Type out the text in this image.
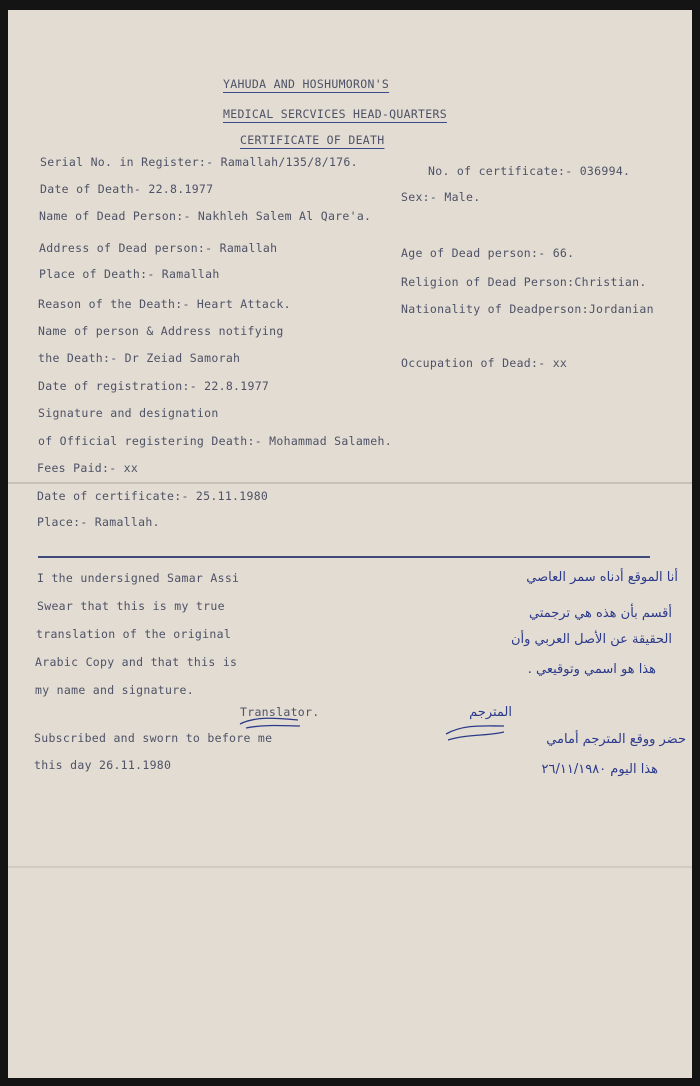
YAHUDA AND HOSHUMORON'S
MEDICAL SERCVICES HEAD-QUARTERS
CERTIFICATE OF DEATH
Serial No. in Register:- Ramallah/135/8/176.
No. of certificate:- 036994.
Date of Death- 22.8.1977
Sex:- Male.
Name of Dead Person:- Nakhleh Salem Al Qare'a.
Address of Dead person:- Ramallah	Age of Dead person:- 66.
Place of Death:- Ramallah
Religion of Dead Person:Christian.
Reason of the Death:- Heart Attack.	Nationality of Deadperson:Jordanian
Name of person & Address notifying
the Death:- Dr Zeiad Samorah	Occupation of Dead:- xx
Date of registration:- 22.8.1977
Signature and designation
of Official registering Death:- Mohammad Salameh.
Fees Paid:- xx
Date of certificate:- 25.11.1980
Place:- Ramallah.
I the undersigned Samar Assi
Swear that this is my true
translation of the original
Arabic Copy and that this is
my name and signature.
Translator.
Subscribed and sworn to before me
this day 26.11.1980
أنا الموقع أدناه سمر العاصي
أقسم بأن هذه هي ترجمتي
الحقيقة عن الأصل العربي وأن
هذا هو اسمي وتوقيعي .
المترجم
حضر ووقع المترجم أمامي
هذا اليوم ٢٦/١١/١٩٨٠
